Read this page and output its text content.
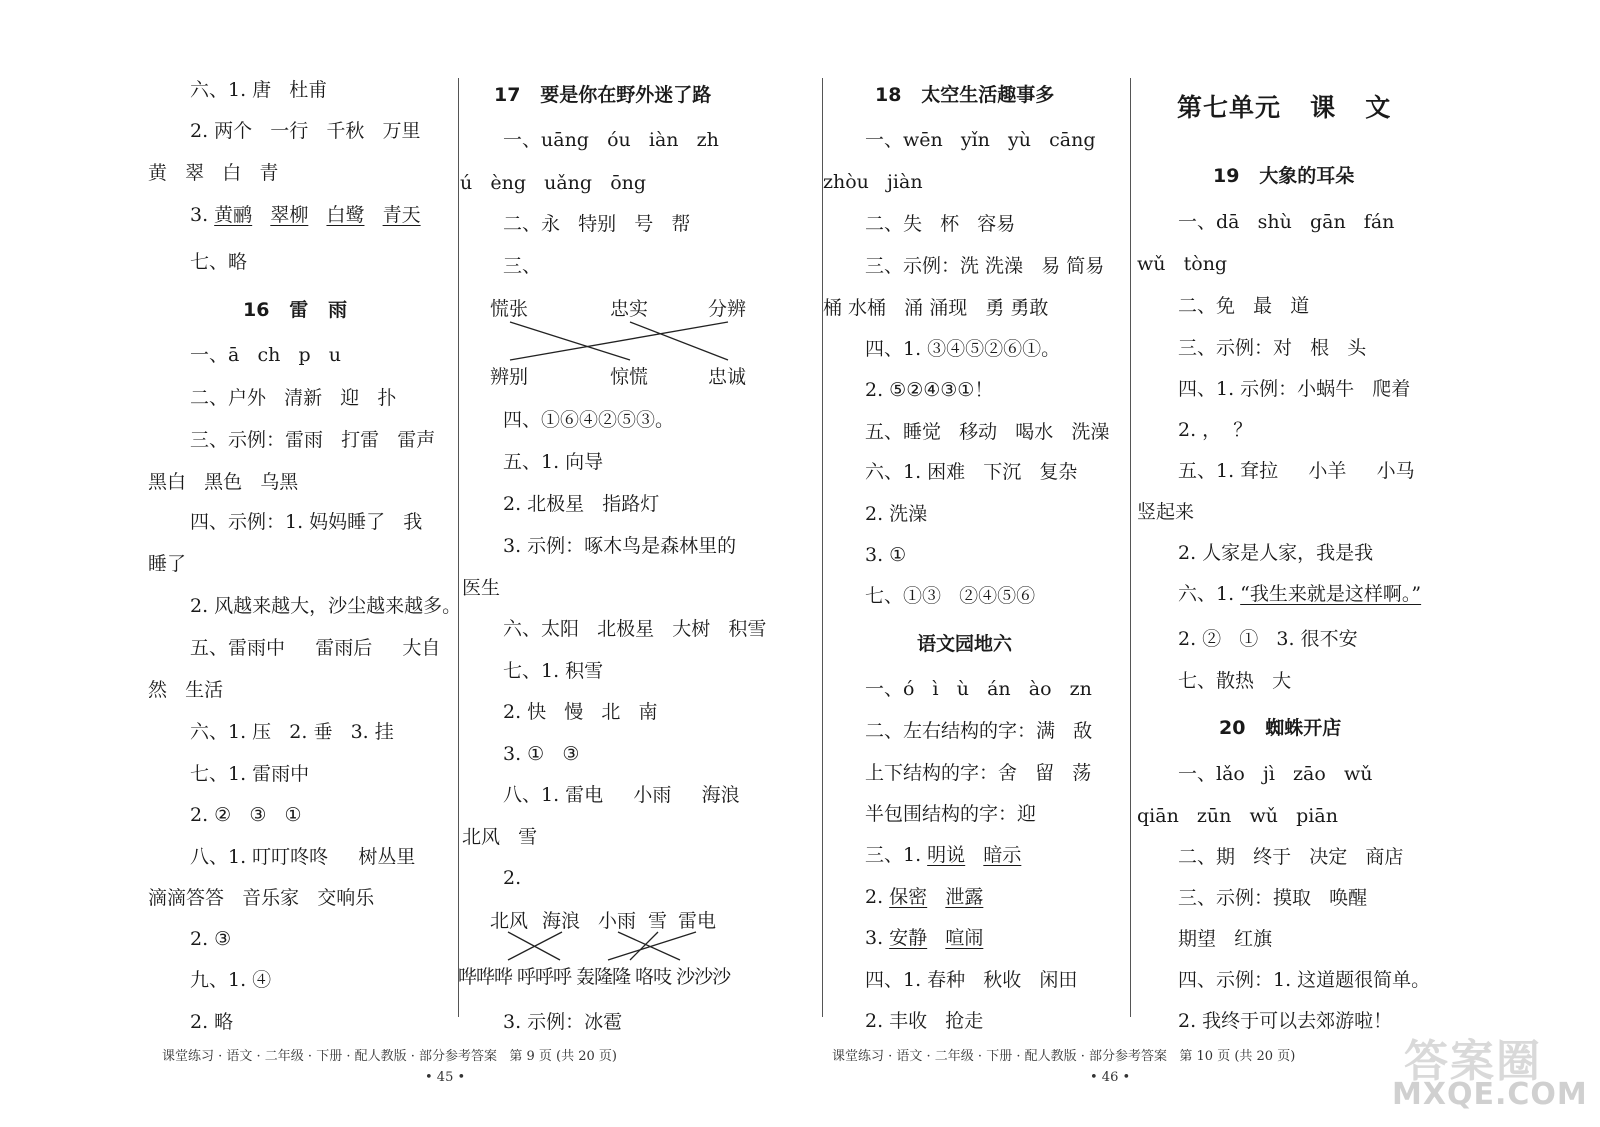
六、1. 唐   杜甫
2. 两个   一行   千秋   万里
黄   翠   白   青
3. 黄鹂 翠柳 白鹭 青天
七、略
16   雷   雨
一、ā   ch   p   u
二、户外   清新   迎   扑
三、示例：雷雨   打雷   雷声
黑白   黑色   乌黑
四、示例：1. 妈妈睡了   我
睡了
2. 风越来越大，沙尘越来越多。
五、雷雨中     雷雨后     大自
然   生活
六、1. 压   2. 垂   3. 挂
七、1. 雷雨中
2. ②   ③   ①
八、1. 叮叮咚咚     树丛里
滴滴答答   音乐家   交响乐
2. ③
九、1. ④
2. 略
17   要是你在野外迷了路
一、uāng   óu   iàn   zh
ú   èng   uǎng   ōng
二、永   特别   号   帮
三、
慌张	忠实	分辨
辨别	惊慌	忠诚
四、①⑥④②⑤③。
五、1. 向导
2. 北极星   指路灯
3. 示例：啄木鸟是森林里的
医生
六、太阳   北极星   大树   积雪
七、1. 积雪
2. 快   慢   北   南
3. ①   ③
八、1. 雷电     小雨     海浪
北风   雪
2.
北风 海浪 小雨 雪 雷电
哗哗哗 呼呼呼 轰隆隆 咯吱 沙沙沙
3. 示例：冰雹
18   太空生活趣事多
一、wēn   yǐn   yù   cāng
zhòu   jiàn
二、失   杯   容易
三、示例：洗 洗澡   易 简易
桶 水桶   涌 涌现   勇 勇敢
四、1. ③④⑤②⑥①。
2. ⑤②④③①！
五、睡觉   移动   喝水   洗澡
六、1. 困难   下沉   复杂
2. 洗澡
3. ①
七、①③   ②④⑤⑥
语文园地六
一、ó   ì   ù   án   ào   zn
二、左右结构的字：满   敌
上下结构的字：舍   留   荡
半包围结构的字：迎
三、1. 明说 暗示
2. 保密 泄露
3. 安静 喧闹
四、1. 春种   秋收   闲田
2. 丰收   抢走
第七单元   课   文
19   大象的耳朵
一、dā   shù   gān   fán
wǔ   tòng
二、免   最   道
三、示例：对   根   头
四、1. 示例：小蜗牛   爬着
2. ，  ？
五、1. 耷拉     小羊     小马
竖起来
2. 人家是人家，我是我
六、1. “我生来就是这样啊。”
2. ②   ①   3. 很不安
七、散热   大
20   蜘蛛开店
一、lǎo   jì   zāo   wǔ
qiān   zūn   wǔ   piān
二、期   终于   决定   商店
三、示例：摸取   唤醒
期望   红旗
四、示例：1. 这道题很简单。
2. 我终于可以去郊游啦！
课堂练习 · 语文 · 二年级 · 下册 · 配人教版 · 部分参考答案   第 9 页 (共 20 页)
• 45 •
课堂练习 · 语文 · 二年级 · 下册 · 配人教版 · 部分参考答案   第 10 页 (共 20 页)
• 46 •	答案圈
MXQE.COM
